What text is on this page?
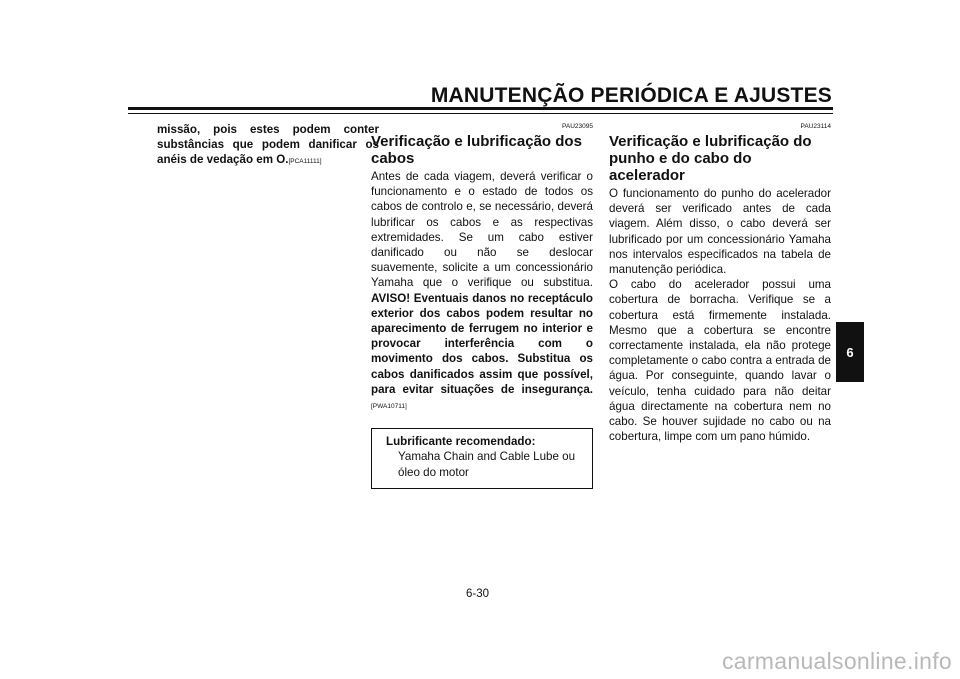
MANUTENÇÃO PERIÓDICA E AJUSTES

missão, pois estes podem conter substâncias que podem danificar os anéis de vedação em O.[PCA11111]

PAU23095
Verificação e lubrificação dos cabos

Antes de cada viagem, deverá verificar o funcionamento e o estado de todos os cabos de controlo e, se necessário, deverá lubrificar os cabos e as respectivas extremidades. Se um cabo estiver danificado ou não se deslocar suavemente, solicite a um concessionário Yamaha que o verifique ou substitua. AVISO! Eventuais danos no receptáculo exterior dos cabos podem resultar no aparecimento de ferrugem no interior e provocar interferência com o movimento dos cabos. Substitua os cabos danificados assim que possível, para evitar situações de insegurança.[PWA10711]

Lubrificante recomendado:
Yamaha Chain and Cable Lube ou óleo do motor
PAU23114
Verificação e lubrificação do punho e do cabo do acelerador

O funcionamento do punho do acelerador deverá ser verificado antes de cada viagem. Além disso, o cabo deverá ser lubrificado por um concessionário Yamaha nos intervalos especificados na tabela de manutenção periódica.

O cabo do acelerador possui uma cobertura de borracha. Verifique se a cobertura está firmemente instalada. Mesmo que a cobertura se encontre correctamente instalada, ela não protege completamente o cabo contra a entrada de água. Por conseguinte, quando lavar o veículo, tenha cuidado para não deitar água directamente na cobertura nem no cabo. Se houver sujidade no cabo ou na cobertura, limpe com um pano húmido.

6
6-30
carmanualsonline.info
